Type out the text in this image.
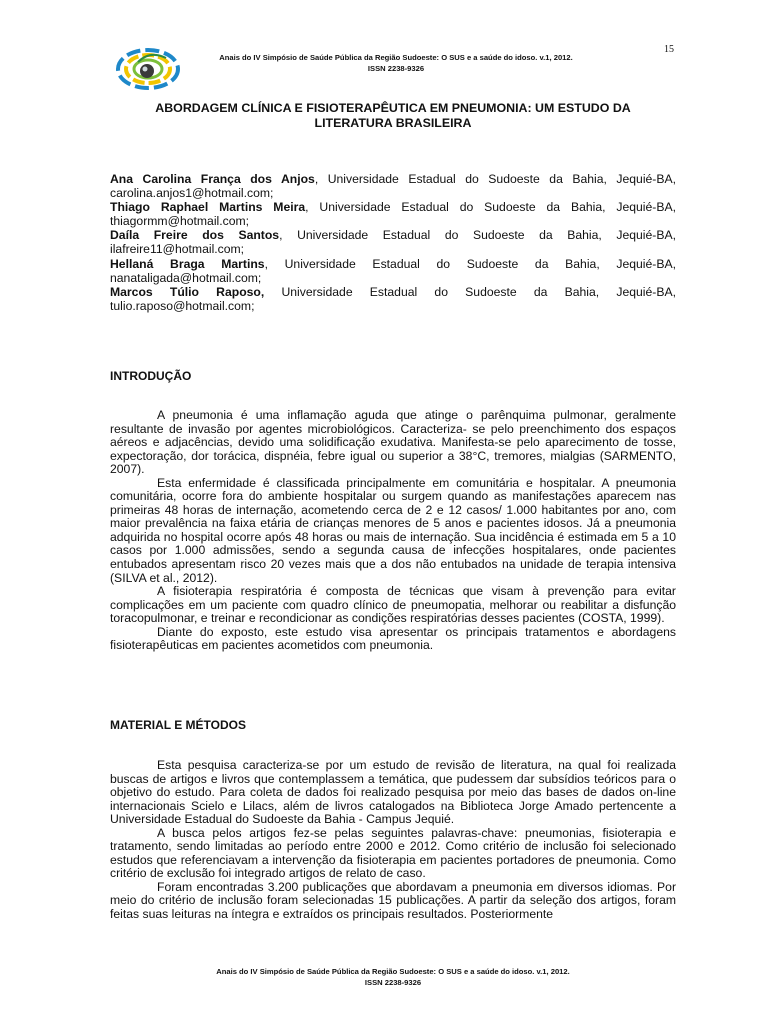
Anais do IV Simpósio de Saúde Pública da Região Sudoeste: O SUS e a saúde do idoso. v.1, 2012.
ISSN 2238-9326
15
ABORDAGEM CLÍNICA E FISIOTERAPÊUTICA EM PNEUMONIA: UM ESTUDO DA
LITERATURA BRASILEIRA
Ana Carolina França dos Anjos, Universidade Estadual do Sudoeste da Bahia, Jequié-BA,
carolina.anjos1@hotmail.com;
Thiago Raphael Martins Meira, Universidade Estadual do Sudoeste da Bahia, Jequié-BA,
thiagormm@hotmail.com;
Daíla Freire dos Santos, Universidade Estadual do Sudoeste da Bahia, Jequié-BA,
ilafreire11@hotmail.com;
Hellaná Braga Martins, Universidade Estadual do Sudoeste da Bahia, Jequié-BA,
nanataligada@hotmail.com;
Marcos Túlio Raposo, Universidade Estadual do Sudoeste da Bahia, Jequié-BA,
tulio.raposo@hotmail.com;
INTRODUÇÃO

A pneumonia é uma inflamação aguda que atinge o parênquima pulmonar, geralmente resultante de invasão por agentes microbiológicos. Caracteriza- se pelo preenchimento dos espaços aéreos e adjacências, devido uma solidificação exudativa. Manifesta-se pelo aparecimento de tosse, expectoração, dor torácica, dispnéia, febre igual ou superior a 38°C, tremores, mialgias (SARMENTO, 2007).

Esta enfermidade é classificada principalmente em comunitária e hospitalar. A pneumonia comunitária, ocorre fora do ambiente hospitalar ou surgem quando as manifestações aparecem nas primeiras 48 horas de internação, acometendo cerca de 2 e 12 casos/ 1.000 habitantes por ano, com maior prevalência na faixa etária de crianças menores de 5 anos e pacientes idosos. Já a pneumonia adquirida no hospital ocorre após 48 horas ou mais de internação. Sua incidência é estimada em 5 a 10 casos por 1.000 admissões, sendo a segunda causa de infecções hospitalares, onde pacientes entubados apresentam risco 20 vezes mais que a dos não entubados na unidade de terapia intensiva (SILVA et al., 2012).

A fisioterapia respiratória é composta de técnicas que visam à prevenção para evitar complicações em um paciente com quadro clínico de pneumopatia, melhorar ou reabilitar a disfunção toracopulmonar, e treinar e recondicionar as condições respiratórias desses pacientes (COSTA, 1999).

Diante do exposto, este estudo visa apresentar os principais tratamentos e abordagens fisioterapêuticas em pacientes acometidos com pneumonia.

MATERIAL E MÉTODOS

Esta pesquisa caracteriza-se por um estudo de revisão de literatura, na qual foi realizada buscas de artigos e livros que contemplassem a temática, que pudessem dar subsídios teóricos para o objetivo do estudo. Para coleta de dados foi realizado pesquisa por meio das bases de dados on-line internacionais Scielo e Lilacs, além de livros catalogados na Biblioteca Jorge Amado pertencente a Universidade Estadual do Sudoeste da Bahia - Campus Jequié.

A busca pelos artigos fez-se pelas seguintes palavras-chave: pneumonias, fisioterapia e tratamento, sendo limitadas ao período entre 2000 e 2012. Como critério de inclusão foi selecionado estudos que referenciavam a intervenção da fisioterapia em pacientes portadores de pneumonia. Como critério de exclusão foi integrado artigos de relato de caso.

Foram encontradas 3.200 publicações que abordavam a pneumonia em diversos idiomas. Por meio do critério de inclusão foram selecionadas 15 publicações. A partir da seleção dos artigos, foram feitas suas leituras na íntegra e extraídos os principais resultados. Posteriormente

Anais do IV Simpósio de Saúde Pública da Região Sudoeste: O SUS e a saúde do idoso. v.1, 2012.
ISSN 2238-9326
